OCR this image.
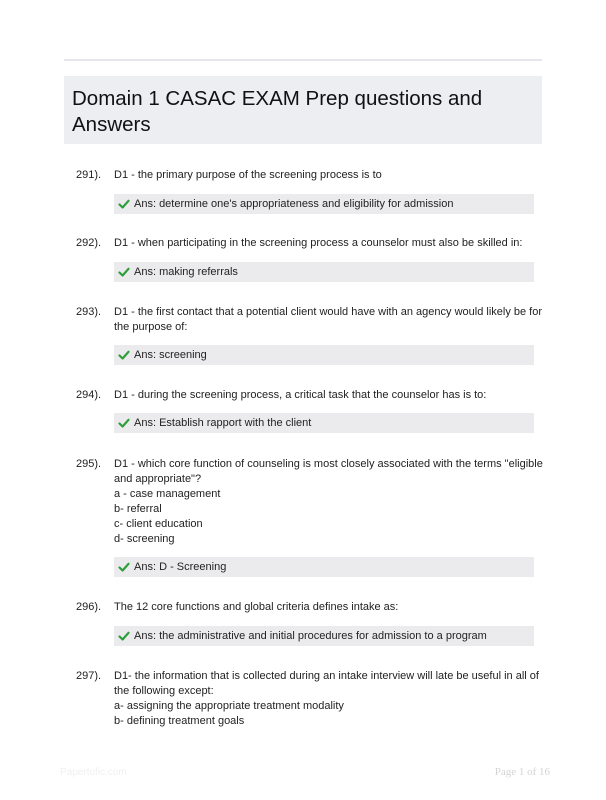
Domain 1 CASAC EXAM Prep questions and
Answers
291). D1 - the primary purpose of the screening process is to
Ans: determine one's appropriateness and eligibility for admission
292). D1 - when participating in the screening process a counselor must also be skilled in:
Ans: making referrals
293). D1 - the first contact that a potential client would have with an agency would likely be for
the purpose of:
Ans: screening
294). D1 - during the screening process, a critical task that the counselor has is to:
Ans: Establish rapport with the client
295). D1 - which core function of counseling is most closely associated with the terms "eligible
and appropriate"?
a - case management
b- referral
c- client education
d- screening
Ans: D - Screening
296). The 12 core functions and global criteria defines intake as:
Ans: the administrative and initial procedures for admission to a program
297). D1- the information that is collected during an intake interview will late be useful in all of
the following except:
a- assigning the appropriate treatment modality
b- defining treatment goals
Papertofic.com	Page 1 of 16
